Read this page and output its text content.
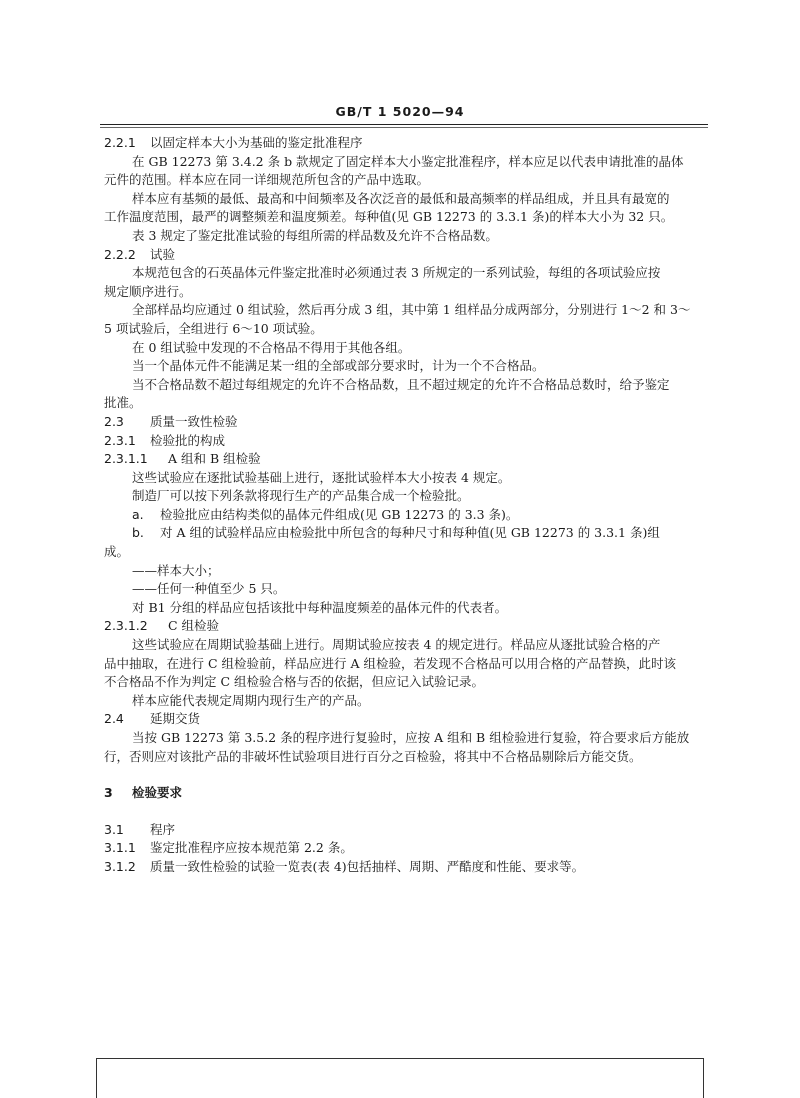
GB/T 1 5020—94
2.2.1 以固定样本大小为基础的鉴定批准程序
在 GB 12273 第 3.4.2 条 b 款规定了固定样本大小鉴定批准程序，样本应足以代表申请批准的晶体
元件的范围。样本应在同一详细规范所包含的产品中选取。
样本应有基频的最低、最高和中间频率及各次泛音的最低和最高频率的样品组成，并且具有最宽的
工作温度范围，最严的调整频差和温度频差。每种值(见 GB 12273 的 3.3.1 条)的样本大小为 32 只。
表 3 规定了鉴定批准试验的每组所需的样品数及允许不合格品数。
2.2.2 试验
本规范包含的石英晶体元件鉴定批准时必须通过表 3 所规定的一系列试验，每组的各项试验应按
规定顺序进行。
全部样品均应通过 0 组试验，然后再分成 3 组，其中第 1 组样品分成两部分，分别进行 1～2 和 3～
5 项试验后，全组进行 6～10 项试验。
在 0 组试验中发现的不合格品不得用于其他各组。
当一个晶体元件不能满足某一组的全部或部分要求时，计为一个不合格品。
当不合格品数不超过每组规定的允许不合格品数，且不超过规定的允许不合格品总数时，给予鉴定
批准。
2.3 质量一致性检验
2.3.1 检验批的构成
2.3.1.1 A 组和 B 组检验
这些试验应在逐批试验基础上进行，逐批试验样本大小按表 4 规定。
制造厂可以按下列条款将现行生产的产品集合成一个检验批。
a. 检验批应由结构类似的晶体元件组成(见 GB 12273 的 3.3 条)。
b. 对 A 组的试验样品应由检验批中所包含的每种尺寸和每种值(见 GB 12273 的 3.3.1 条)组
成。
——样本大小；
——任何一种值至少 5 只。
对 B1 分组的样品应包括该批中每种温度频差的晶体元件的代表者。
2.3.1.2 C 组检验
这些试验应在周期试验基础上进行。周期试验应按表 4 的规定进行。样品应从逐批试验合格的产
品中抽取，在进行 C 组检验前，样品应进行 A 组检验，若发现不合格品可以用合格的产品替换，此时该
不合格品不作为判定 C 组检验合格与否的依据，但应记入试验记录。
样本应能代表规定周期内现行生产的产品。
2.4 延期交货
当按 GB 12273 第 3.5.2 条的程序进行复验时，应按 A 组和 B 组检验进行复验，符合要求后方能放
行，否则应对该批产品的非破坏性试验项目进行百分之百检验，将其中不合格品剔除后方能交货。
3 检验要求
3.1 程序
3.1.1 鉴定批准程序应按本规范第 2.2 条。
3.1.2 质量一致性检验的试验一览表(表 4)包括抽样、周期、严酷度和性能、要求等。
